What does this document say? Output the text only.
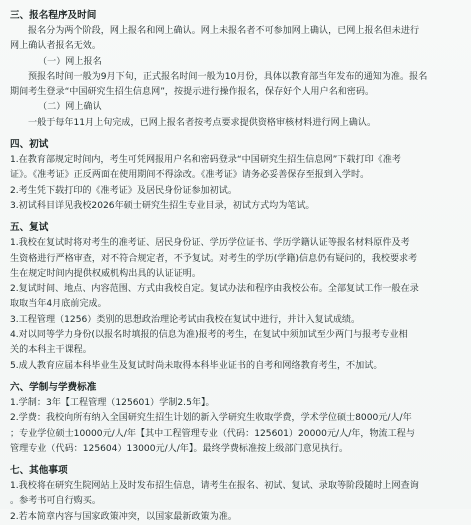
三、报名程序及时间
报名分为两个阶段，网上报名和网上确认。网上未报名者不可参加网上确认，已网上报名但未进行
网上确认者报名无效。
（一）网上报名
预报名时间一般为9月下旬，正式报名时间一般为10月份，具体以教育部当年发布的通知为准。报名
期间考生登录“中国研究生招生信息网”，按提示进行操作报名，保存好个人用户名和密码。
（二）网上确认
一般于每年11月上旬完成，已网上报名者按考点要求提供资格审核材料进行网上确认。
四、初试
1.在教育部规定时间内，考生可凭网报用户名和密码登录“中国研究生招生信息网”下载打印《准考
证》。《准考证》正反两面在使用期间不得涂改。《准考证》请务必妥善保存至报到入学时。
2.考生凭下载打印的《准考证》及居民身份证参加初试。
3.初试科目详见我校2026年硕士研究生招生专业目录，初试方式均为笔试。
五、复试
1.我校在复试时将对考生的准考证、居民身份证、学历学位证书、学历学籍认证等报名材料原件及考
生资格进行严格审查，对不符合规定者，不予复试。对考生的学历(学籍)信息仍有疑问的，我校要求考
生在规定时间内提供权威机构出具的认证证明。
2.复试时间、地点、内容范围、方式由我校自定。复试办法和程序由我校公布。全部复试工作一般在录
取取当年4月底前完成。
3.工程管理（1256）类别的思想政治理论考试由我校在复试中进行，并计入复试成绩。
4.对以同等学力身份(以报名时填报的信息为准)报考的考生，在复试中须加试至少两门与报考专业相
关的本科主干课程。
5.成人教育应届本科毕业生及复试时尚未取得本科毕业证书的自考和网络教育考生，不加试。
六、学制与学费标准
1.学制：3年【工程管理（125601）学制2.5年】。
2.学费：我校向所有纳入全国研究生招生计划的新入学研究生收取学费，学术学位硕士8000元/人/年
；专业学位硕士10000元/人/年【其中工程管理专业（代码：125601）20000元/人/年，物流工程与
管理专业（代码：125604）13000元/人/年】。最终学费标准按上级部门意见执行。
七、其他事项
1.我校将在研究生院网站上及时发布招生信息，请考生在报名、初试、复试、录取等阶段随时上网查询
。参考书可自行购买。
2.若本简章内容与国家政策冲突，以国家最新政策为准。
